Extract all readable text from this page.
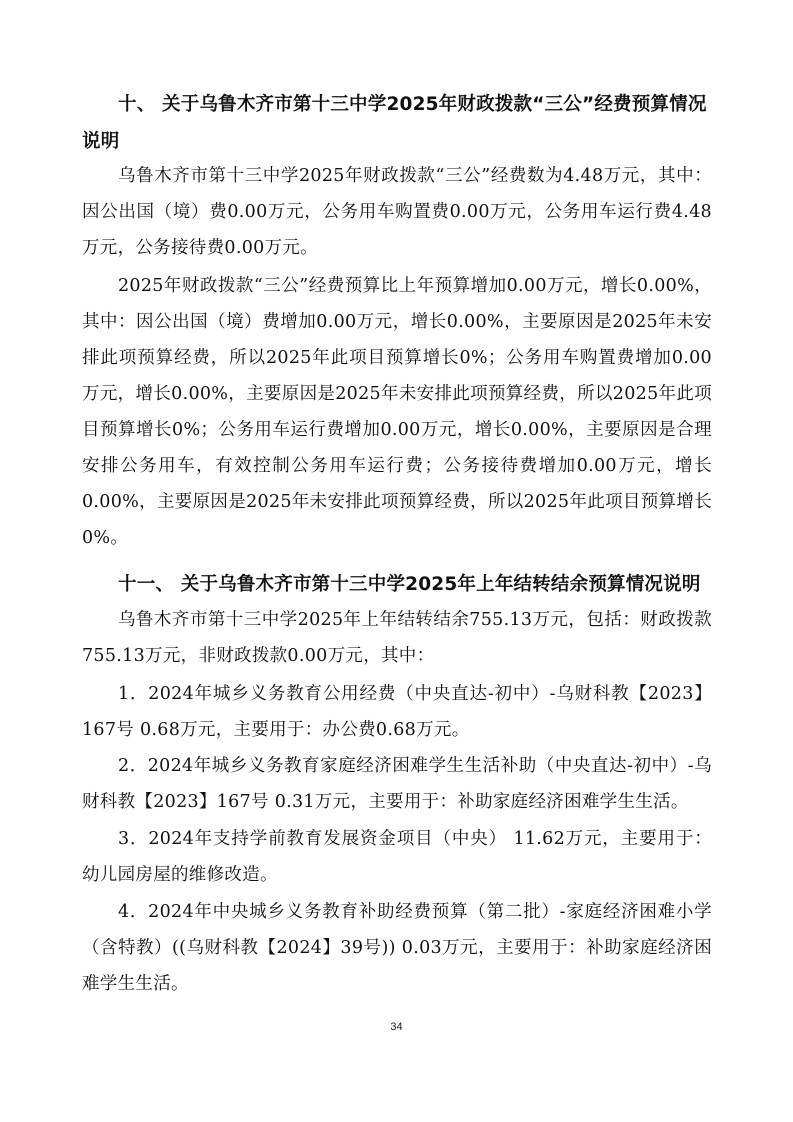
十、 关于乌鲁木齐市第十三中学2025年财政拨款“三公”经费预算情况说明
乌鲁木齐市第十三中学2025年财政拨款“三公”经费数为4.48万元，其中：因公出国（境）费0.00万元，公务用车购置费0.00万元，公务用车运行费4.48万元，公务接待费0.00万元。
2025年财政拨款“三公”经费预算比上年预算增加0.00万元，增长0.00%，其中：因公出国（境）费增加0.00万元，增长0.00%，主要原因是2025年未安排此项预算经费，所以2025年此项目预算增长0%；公务用车购置费增加0.00万元，增长0.00%，主要原因是2025年未安排此项预算经费，所以2025年此项目预算增长0%；公务用车运行费增加0.00万元，增长0.00%，主要原因是合理安排公务用车，有效控制公务用车运行费；公务接待费增加0.00万元，增长0.00%，主要原因是2025年未安排此项预算经费，所以2025年此项目预算增长0%。
十一、 关于乌鲁木齐市第十三中学2025年上年结转结余预算情况说明
乌鲁木齐市第十三中学2025年上年结转结余755.13万元，包括：财政拨款755.13万元，非财政拨款0.00万元，其中：
1．2024年城乡义务教育公用经费（中央直达-初中）-乌财科教【2023】167号 0.68万元，主要用于：办公费0.68万元。
2．2024年城乡义务教育家庭经济困难学生生活补助（中央直达-初中）-乌财科教【2023】167号 0.31万元，主要用于：补助家庭经济困难学生生活。
3．2024年支持学前教育发展资金项目（中央） 11.62万元，主要用于：幼儿园房屋的维修改造。
4．2024年中央城乡义务教育补助经费预算（第二批）-家庭经济困难小学（含特教）((乌财科教【2024】39号)) 0.03万元，主要用于：补助家庭经济困难学生生活。
34
